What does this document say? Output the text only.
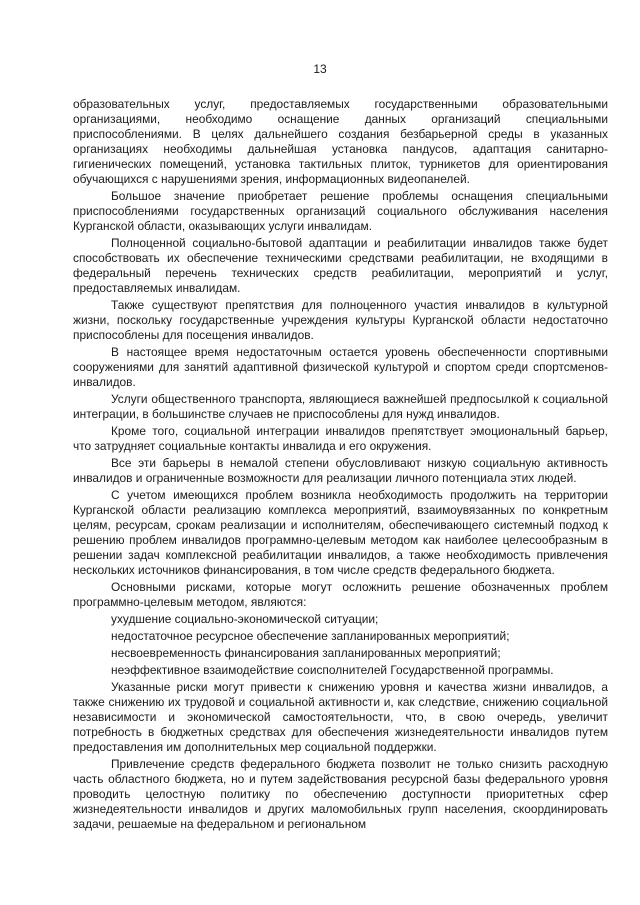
13

образовательных услуг, предоставляемых государственными образовательными организациями, необходимо оснащение данных организаций специальными приспособлениями. В целях дальнейшего создания безбарьерной среды в указанных организациях необходимы дальнейшая установка пандусов, адаптация санитарно-гигиенических помещений, установка тактильных плиток, турникетов для ориентирования обучающихся с нарушениями зрения, информационных видеопанелей.

Большое значение приобретает решение проблемы оснащения специальными приспособлениями государственных организаций социального обслуживания населения Курганской области, оказывающих услуги инвалидам.

Полноценной социально-бытовой адаптации и реабилитации инвалидов также будет способствовать их обеспечение техническими средствами реабилитации, не входящими в федеральный перечень технических средств реабилитации, мероприятий и услуг, предоставляемых инвалидам.

Также существуют препятствия для полноценного участия инвалидов в культурной жизни, поскольку государственные учреждения культуры Курганской области недостаточно приспособлены для посещения инвалидов.

В настоящее время недостаточным остается уровень обеспеченности спортивными сооружениями для занятий адаптивной физической культурой и спортом среди спортсменов-инвалидов.

Услуги общественного транспорта, являющиеся важнейшей предпосылкой к социальной интеграции, в большинстве случаев не приспособлены для нужд инвалидов.

Кроме того, социальной интеграции инвалидов препятствует эмоциональный барьер, что затрудняет социальные контакты инвалида и его окружения.

Все эти барьеры в немалой степени обусловливают низкую социальную активность инвалидов и ограниченные возможности для реализации личного потенциала этих людей.

С учетом имеющихся проблем возникла необходимость продолжить на территории Курганской области реализацию комплекса мероприятий, взаимоувязанных по конкретным целям, ресурсам, срокам реализации и исполнителям, обеспечивающего системный подход к решению проблем инвалидов программно-целевым методом как наиболее целесообразным в решении задач комплексной реабилитации инвалидов, а также необходимость привлечения нескольких источников финансирования, в том числе средств федерального бюджета.

Основными рисками, которые могут осложнить решение обозначенных проблем программно-целевым методом, являются:

ухудшение социально-экономической ситуации;

недостаточное ресурсное обеспечение запланированных мероприятий;

несвоевременность финансирования запланированных мероприятий;

неэффективное взаимодействие соисполнителей Государственной программы.

Указанные риски могут привести к снижению уровня и качества жизни инвалидов, а также снижению их трудовой и социальной активности и, как следствие, снижению социальной независимости и экономической самостоятельности, что, в свою очередь, увеличит потребность в бюджетных средствах для обеспечения жизнедеятельности инвалидов путем предоставления им дополнительных мер социальной поддержки.

Привлечение средств федерального бюджета позволит не только снизить расходную часть областного бюджета, но и путем задействования ресурсной базы федерального уровня проводить целостную политику по обеспечению доступности приоритетных сфер жизнедеятельности инвалидов и других маломобильных групп населения, скоординировать задачи, решаемые на федеральном и региональном
